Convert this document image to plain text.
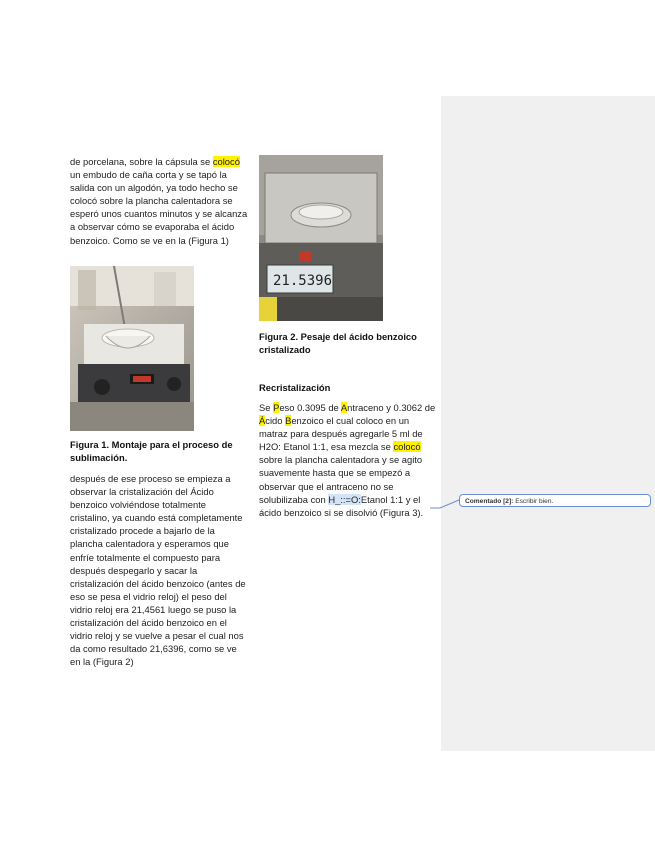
de porcelana, sobre la cápsula se colocó un embudo de caña corta y se tapó la salida con un algodón, ya todo hecho se colocó sobre la plancha calentadora se esperó unos cuantos minutos y se alcanza a observar cómo se evaporaba el ácido benzoico. Como se ve en la (Figura 1)

Figura 1. Montaje para el proceso de sublimación.

después de ese proceso se empieza a observar la cristalización del Ácido benzoico volviéndose totalmente cristalino, ya cuando está completamente cristalizado procede a bajarlo de la plancha calentadora y esperamos que enfríe totalmente el compuesto para después despegarlo y sacar la cristalización del ácido benzoico (antes de eso se pesa el vidrio reloj) el peso del vidrio reloj era 21,4561 luego se puso la cristalización del ácido benzoico en el vidrio reloj y se vuelve a pesar el cual nos da como resultado 21,6396, como se ve en la (Figura 2)

21.5396
Figura 2. Pesaje del ácido benzoico cristalizado
Recristalización

Se Peso 0.3095 de Antraceno y 0.3062 de Ácido Benzoico el cual coloco en un matraz para después agregarle 5 ml de H2O: Etanol 1:1, esa mezcla se colocó sobre la plancha calentadora y se agito suavemente hasta que se empezó a observar que el antraceno no se solubilizaba con H_::=O:Etanol 1:1 y el ácido benzoico si se disolvió (Figura 3).

Comentado [2]: Escribir bien.
